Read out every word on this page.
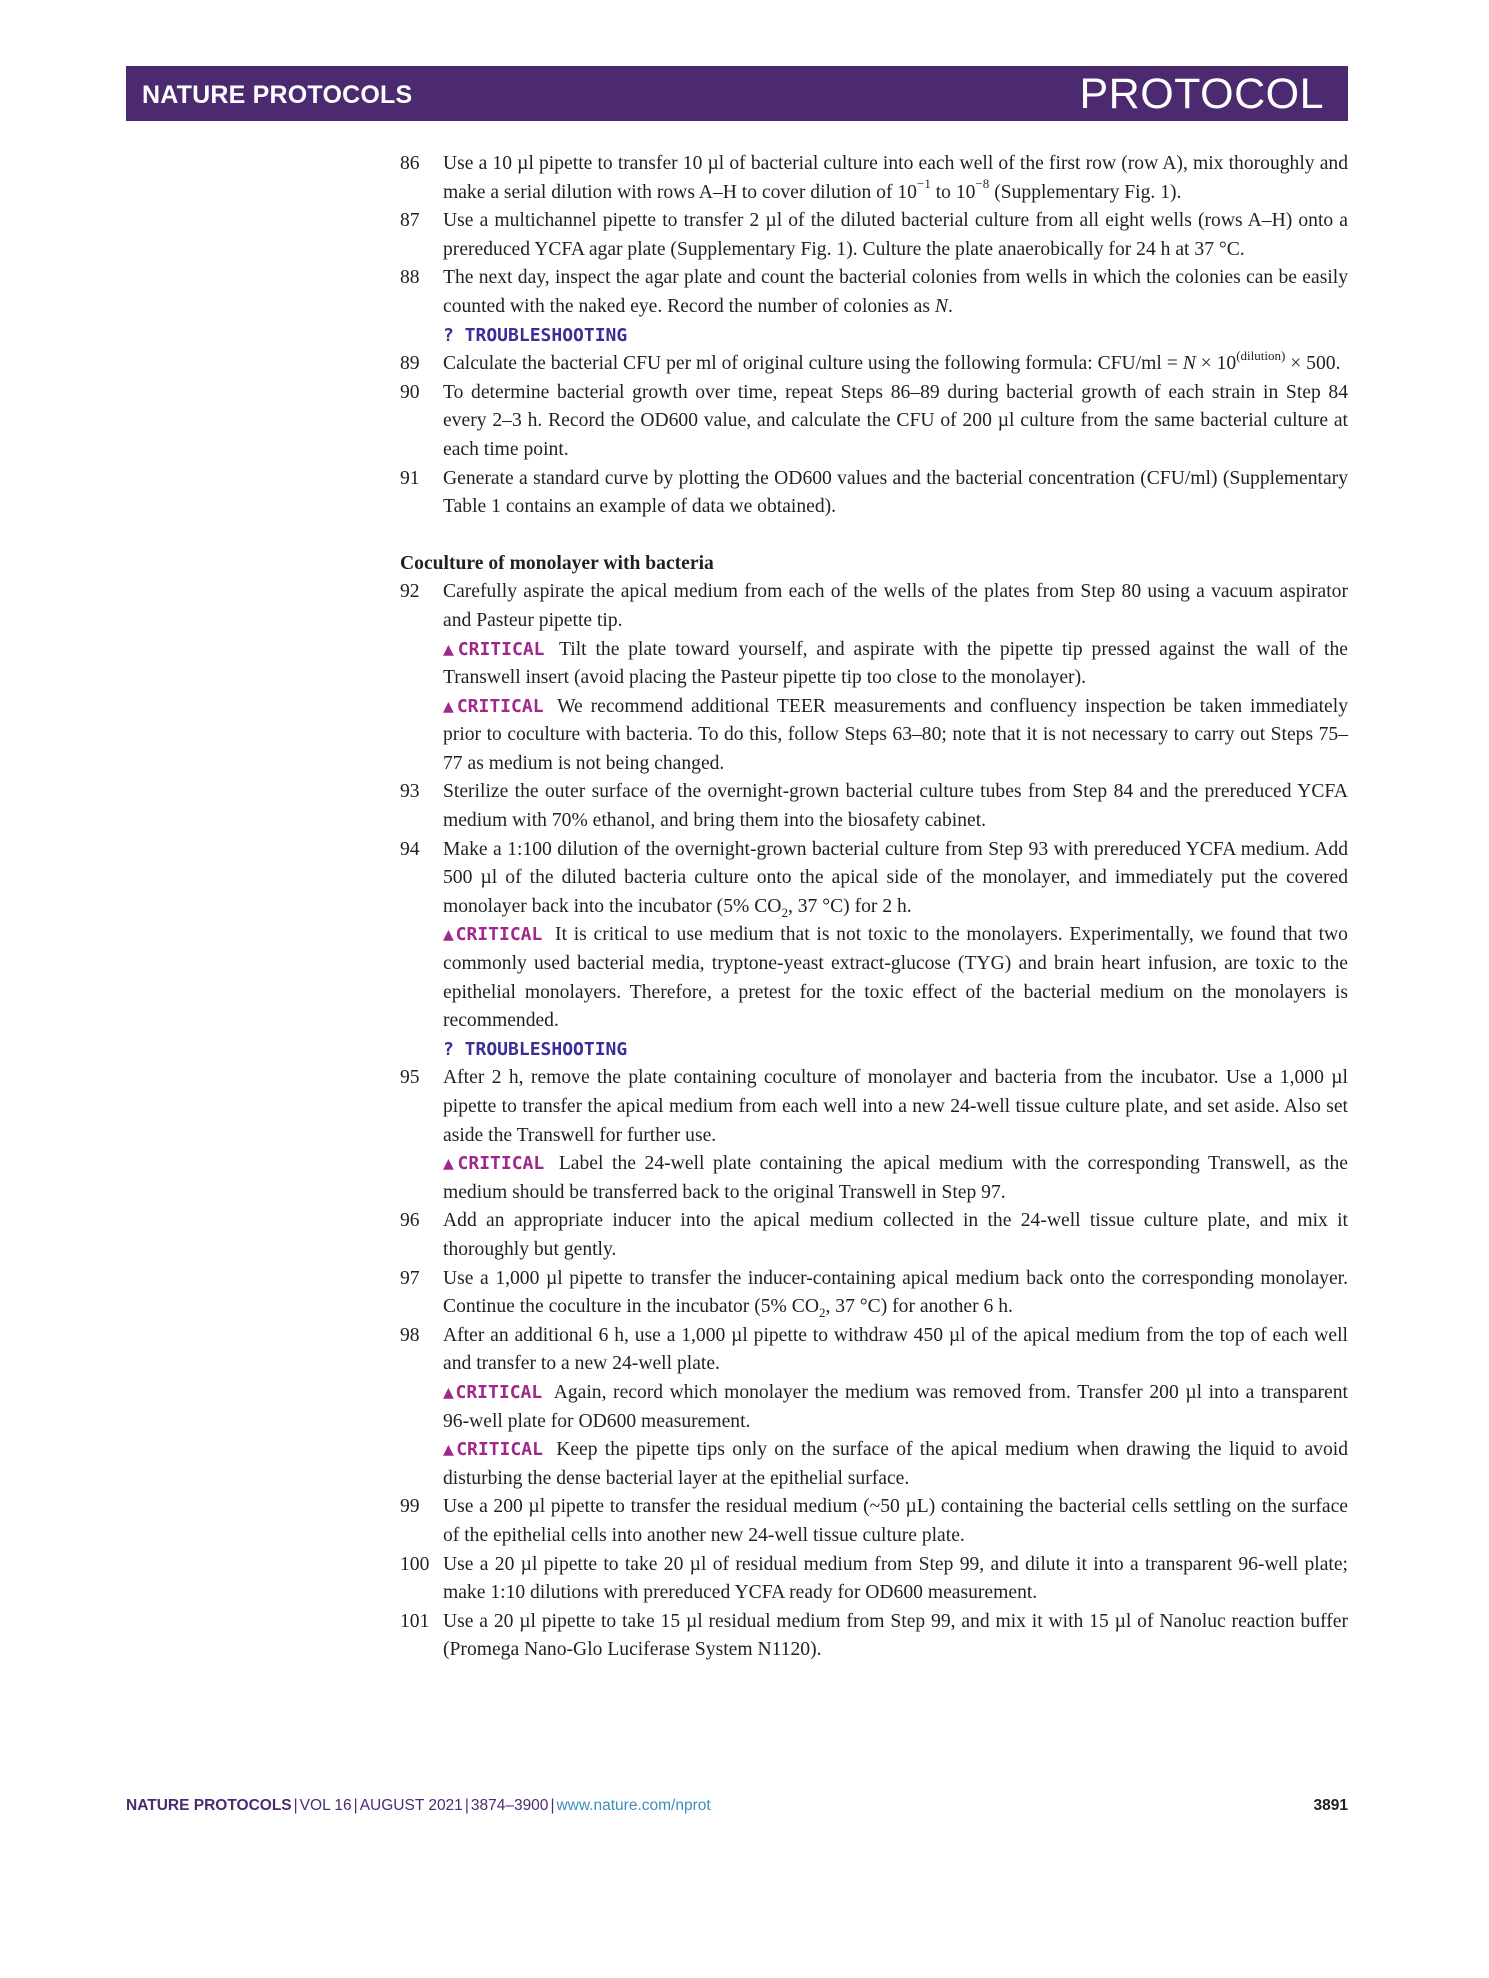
NATURE PROTOCOLS	PROTOCOL
86	Use a 10 µl pipette to transfer 10 µl of bacterial culture into each well of the first row (row A), mix thoroughly and make a serial dilution with rows A–H to cover dilution of $10^{-1}$ to $10^{-8}$ (Supplementary Fig. 1).

87	Use a multichannel pipette to transfer 2 µl of the diluted bacterial culture from all eight wells (rows A–H) onto a prereduced YCFA agar plate (Supplementary Fig. 1). Culture the plate anaerobically for 24 h at 37 °C.

88	The next day, inspect the agar plate and count the bacterial colonies from wells in which the colonies can be easily counted with the naked eye. Record the number of colonies as N.

? TROUBLESHOOTING

89	Calculate the bacterial CFU per ml of original culture using the following formula: $CFU/ml = N \times 10^{(dilution)} \times 500$.

90	To determine bacterial growth over time, repeat Steps 86–89 during bacterial growth of each strain in Step 84 every 2–3 h. Record the OD600 value, and calculate the CFU of 200 µl culture from the same bacterial culture at each time point.

91	Generate a standard curve by plotting the OD600 values and the bacterial concentration (CFU/ml) (Supplementary Table 1 contains an example of data we obtained).

Coculture of monolayer with bacteria
92	Carefully aspirate the apical medium from each of the wells of the plates from Step 80 using a vacuum aspirator and Pasteur pipette tip.

▲CRITICAL Tilt the plate toward yourself, and aspirate with the pipette tip pressed against the wall of the Transwell insert (avoid placing the Pasteur pipette tip too close to the monolayer).

▲CRITICAL We recommend additional TEER measurements and confluency inspection be taken immediately prior to coculture with bacteria. To do this, follow Steps 63–80; note that it is not necessary to carry out Steps 75–77 as medium is not being changed.

93	Sterilize the outer surface of the overnight-grown bacterial culture tubes from Step 84 and the prereduced YCFA medium with 70% ethanol, and bring them into the biosafety cabinet.

94	Make a 1:100 dilution of the overnight-grown bacterial culture from Step 93 with prereduced YCFA medium. Add 500 µl of the diluted bacteria culture onto the apical side of the monolayer, and immediately put the covered monolayer back into the incubator (5% $CO_2$, 37 °C) for 2 h.

▲CRITICAL It is critical to use medium that is not toxic to the monolayers. Experimentally, we found that two commonly used bacterial media, tryptone-yeast extract-glucose (TYG) and brain heart infusion, are toxic to the epithelial monolayers. Therefore, a pretest for the toxic effect of the bacterial medium on the monolayers is recommended.

? TROUBLESHOOTING

95	After 2 h, remove the plate containing coculture of monolayer and bacteria from the incubator. Use a 1,000 µl pipette to transfer the apical medium from each well into a new 24-well tissue culture plate, and set aside. Also set aside the Transwell for further use.

▲CRITICAL Label the 24-well plate containing the apical medium with the corresponding Transwell, as the medium should be transferred back to the original Transwell in Step 97.

96	Add an appropriate inducer into the apical medium collected in the 24-well tissue culture plate, and mix it thoroughly but gently.

97	Use a 1,000 µl pipette to transfer the inducer-containing apical medium back onto the corresponding monolayer. Continue the coculture in the incubator (5% $CO_2$, 37 °C) for another 6 h.

98	After an additional 6 h, use a 1,000 µl pipette to withdraw 450 µl of the apical medium from the top of each well and transfer to a new 24-well plate.

▲CRITICAL Again, record which monolayer the medium was removed from. Transfer 200 µl into a transparent 96-well plate for OD600 measurement.

▲CRITICAL Keep the pipette tips only on the surface of the apical medium when drawing the liquid to avoid disturbing the dense bacterial layer at the epithelial surface.

99	Use a 200 µl pipette to transfer the residual medium (~50 µL) containing the bacterial cells settling on the surface of the epithelial cells into another new 24-well tissue culture plate.

100 Use a 20 µl pipette to take 20 µl of residual medium from Step 99, and dilute it into a transparent 96-well plate; make 1:10 dilutions with prereduced YCFA ready for OD600 measurement.

101 Use a 20 µl pipette to take 15 µl residual medium from Step 99, and mix it with 15 µl of Nanoluc reaction buffer (Promega Nano-Glo Luciferase System N1120).

NATURE PROTOCOLS | VOL 16 | AUGUST 2021 | 3874–3900 | www.nature.com/nprot	3891
